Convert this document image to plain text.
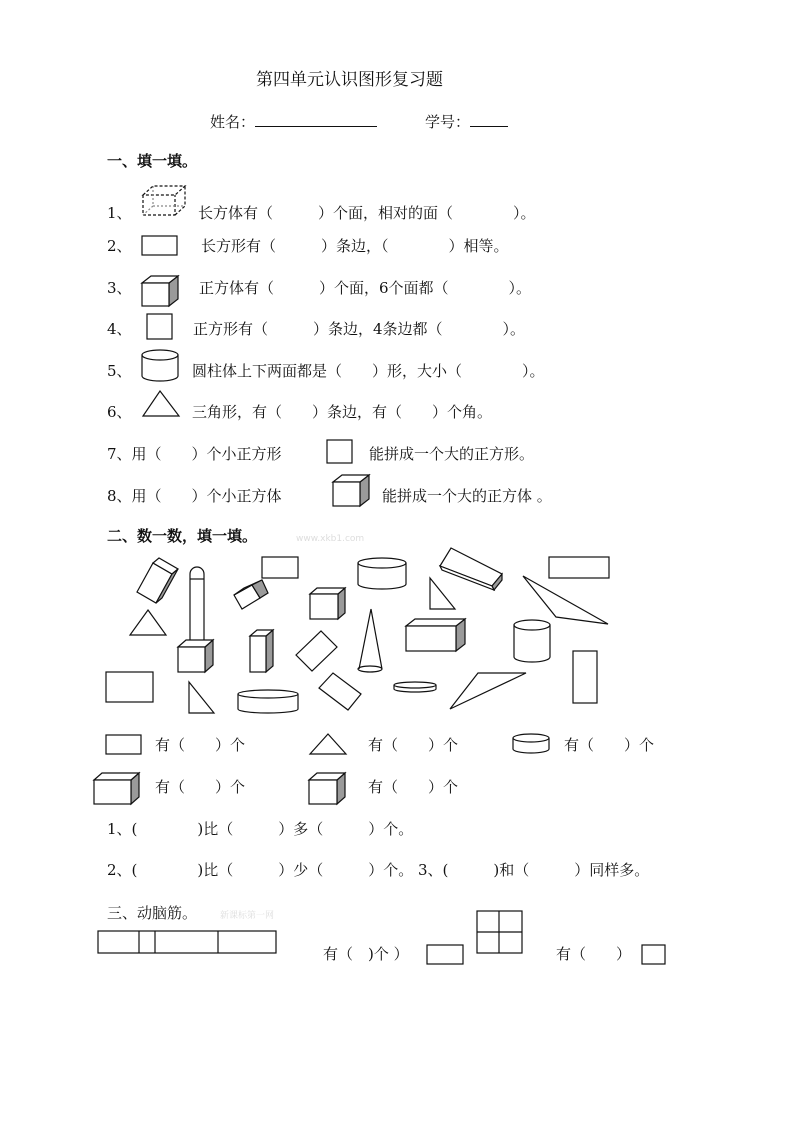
第四单元认识图形复习题
姓名：	学号：
一、填一填。
1、	长方体有（　　　）个面，相对的面（　　　　）。
2、	长方形有（　　　）条边，（　　　　）相等。
3、	正方体有（　　　）个面，6个面都（　　　　）。
4、	正方形有（　　　）条边，4条边都（　　　　）。
5、	圆柱体上下两面都是（　　）形，大小（　　　　）。
6、	三角形，有（　　）条边，有（　　）个角。
7、用（　　）个小正方形	能拼成一个大的正方形。
8、用（　　）个小正方体	能拼成一个大的正方体 。
二、数一数，填一填。	www.xkb1.com
有（　　）个	有（　　）个	有（　　）个
有（　　）个	有（　　）个
1、(　　　　)比（　　　）多（　　　）个。
2、(　　　　)比（　　　）少（　　　）个。 3、(　　　)和（　　　）同样多。
三、动脑筋。	新课标第一网
有（　)个 ）	有（　　）
